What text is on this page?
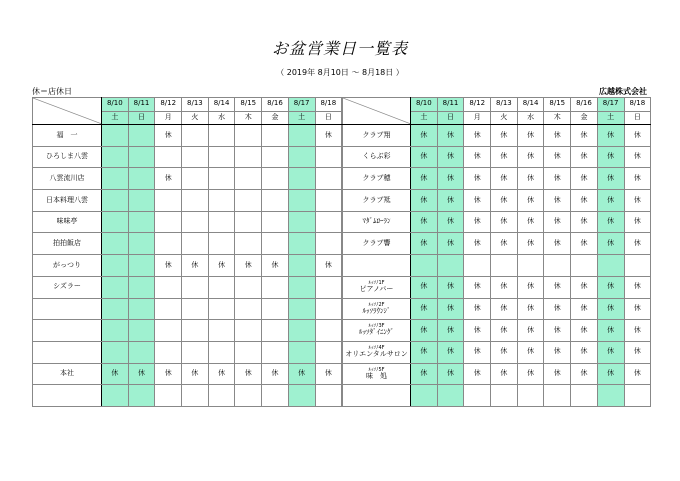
お盆営業日一覧表
（ 2019年 8月10日 ～ 8月18日 ）
休＝店休日	広越株式会社
	8/10	8/11	8/12	8/13	8/14	8/15	8/16	8/17	8/18
	土	日	月	火	水	木	金	土	日
福　一			休						休
ひろしま八雲									
八雲流川店			休						
日本料理八雲									
味味亭									
拍拍飯店									
がっつり			休	休	休	休	休		休
シズラー									

本社	休	休	休	休	休	休	休	休	休

	8/10	8/11	8/12	8/13	8/14	8/15	8/16	8/17	8/18
	土	日	月	火	水	木	金	土	日
クラブ翔	休	休	休	休	休	休	休	休	休
くらぶ彩	休	休	休	休	休	休	休	休	休
クラブ穂	休	休	休	休	休	休	休	休	休
クラブ羝	休	休	休	休	休	休	休	休	休
ﾏﾀﾞﾑﾛｰﾗﾝ	休	休	休	休	休	休	休	休	休
クラブ響	休	休	休	休	休	休	休	休	休

ﾙｯｿﾉ1F
ピアノバー	休	休	休	休	休	休	休	休	休

ﾙｯｿﾉ2F
ﾙｯｿﾗｳﾝｼﾞ	休	休	休	休	休	休	休	休	休

ﾙｯｿﾉ3F
ﾙｯｿﾀﾞｲﾆﾝｸﾞ	休	休	休	休	休	休	休	休	休

ﾙｯｿﾉ4F
オリエンタルサロン	休	休	休	休	休	休	休	休	休

ﾙｯｿﾉ5F
味　処	休	休	休	休	休	休	休	休	休
